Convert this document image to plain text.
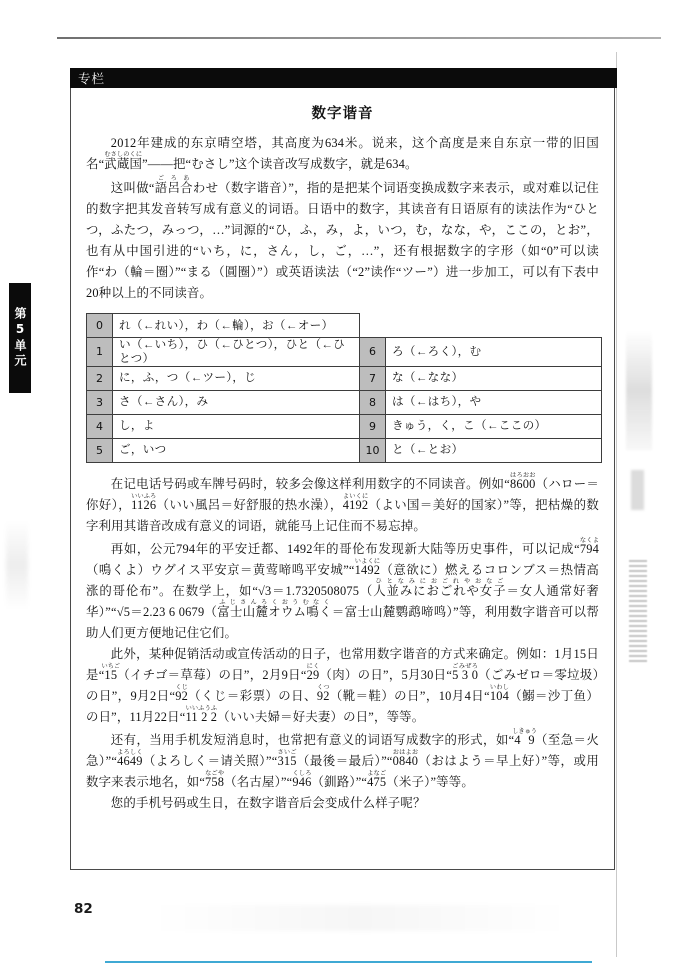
第5单元
专栏
数字谐音

2012年建成的东京晴空塔，其高度为634米。说来，这个高度是来自东京一带的旧国名“武蔵国むさしのくに”——把“むさし”这个读音改写成数字，就是634。

这叫做“語呂合ごろあわせ（数字谐音）”，指的是把某个词语变换成数字来表示，或对难以记住的数字把其发音转写成有意义的词语。日语中的数字，其读音有日语原有的读法作为“ひとつ，ふたつ，みっつ，…”词源的“ひ，ふ，み，よ，いつ，む，なな，や，ここの，とお”，也有从中国引进的“いち，に，さん，し，ご，…”，还有根据数字的字形（如“0”可以读作“わ（輪＝圈）”“まる（圓圈）”）或英语读法（“2”读作“ツー”）进一步加工，可以有下表中20种以上的不同读音。

0	れ（←れい），わ（←輪），お（←オー）		
1	い（←いち），ひ（←ひとつ），ひと（←ひとつ）	6	ろ（←ろく），む
2	に，ふ，つ（←ツー），じ	7	な（←なな）
3	さ（←さん），み	8	は（←はち），や
4	し，よ	9	きゅう，く，こ（←ここの）
5	ご，いつ	10	と（←とお）

在记电话号码或车牌号码时，较多会像这样利用数字的不同读音。例如“8600はろおお（ハロー＝你好），1126いいふろ（いい風呂＝好舒服的热水澡），4192よいくに（よい国＝美好的国家）”等，把枯燥的数字利用其谐音改成有意义的词语，就能马上记住而不易忘掉。

再如，公元794年的平安迁都、1492年的哥伦布发现新大陆等历史事件，可以记成“794なくよ（鳴くよ）ウグイス平安京＝黄莺啼鸣平安城”“1492いよくに（意欲に）燃えるコロンブス＝热情高涨的哥伦布”。在数学上，如“√3＝1.7320508075（人並みにおごれや女子ひとなみにおごれやおなご＝女人通常好奢华）”“√5＝2.23 6 0679（富士山麓オウム鳴くふじさんろくおうむなく＝富士山麓鹦鹉啼鸣）”等，利用数字谐音可以帮助人们更方便地记住它们。

此外，某种促销活动或宣传活动的日子，也常用数字谐音的方式来确定。例如：1月15日是“15いちご（イチゴ＝草莓）の日”，2月9日“29にく（肉）の日”，5月30日“5 3 0ごみぜろ（ごみゼロ＝零垃圾）の日”，9月2日“92くじ（くじ＝彩票）の日、92くつ（靴＝鞋）の日”，10月4日“104いわし（鰯＝沙丁鱼）の日”，11月22日“11 2 2いいふうふ（いい夫婦＝好夫妻）の日”，等等。

还有，当用手机发短消息时，也常把有意义的词语写成数字的形式，如“4 9しきゅう（至急＝火急）”“4649よろしく（よろしく＝请关照）”“315さいご（最後＝最后）”“0840おはよお（おはよう＝早上好）”等，或用数字来表示地名，如“758なごや（名古屋）”“946くしろ（釧路）”“475よなご（米子）”等等。

您的手机号码或生日，在数字谐音后会变成什么样子呢？

82
